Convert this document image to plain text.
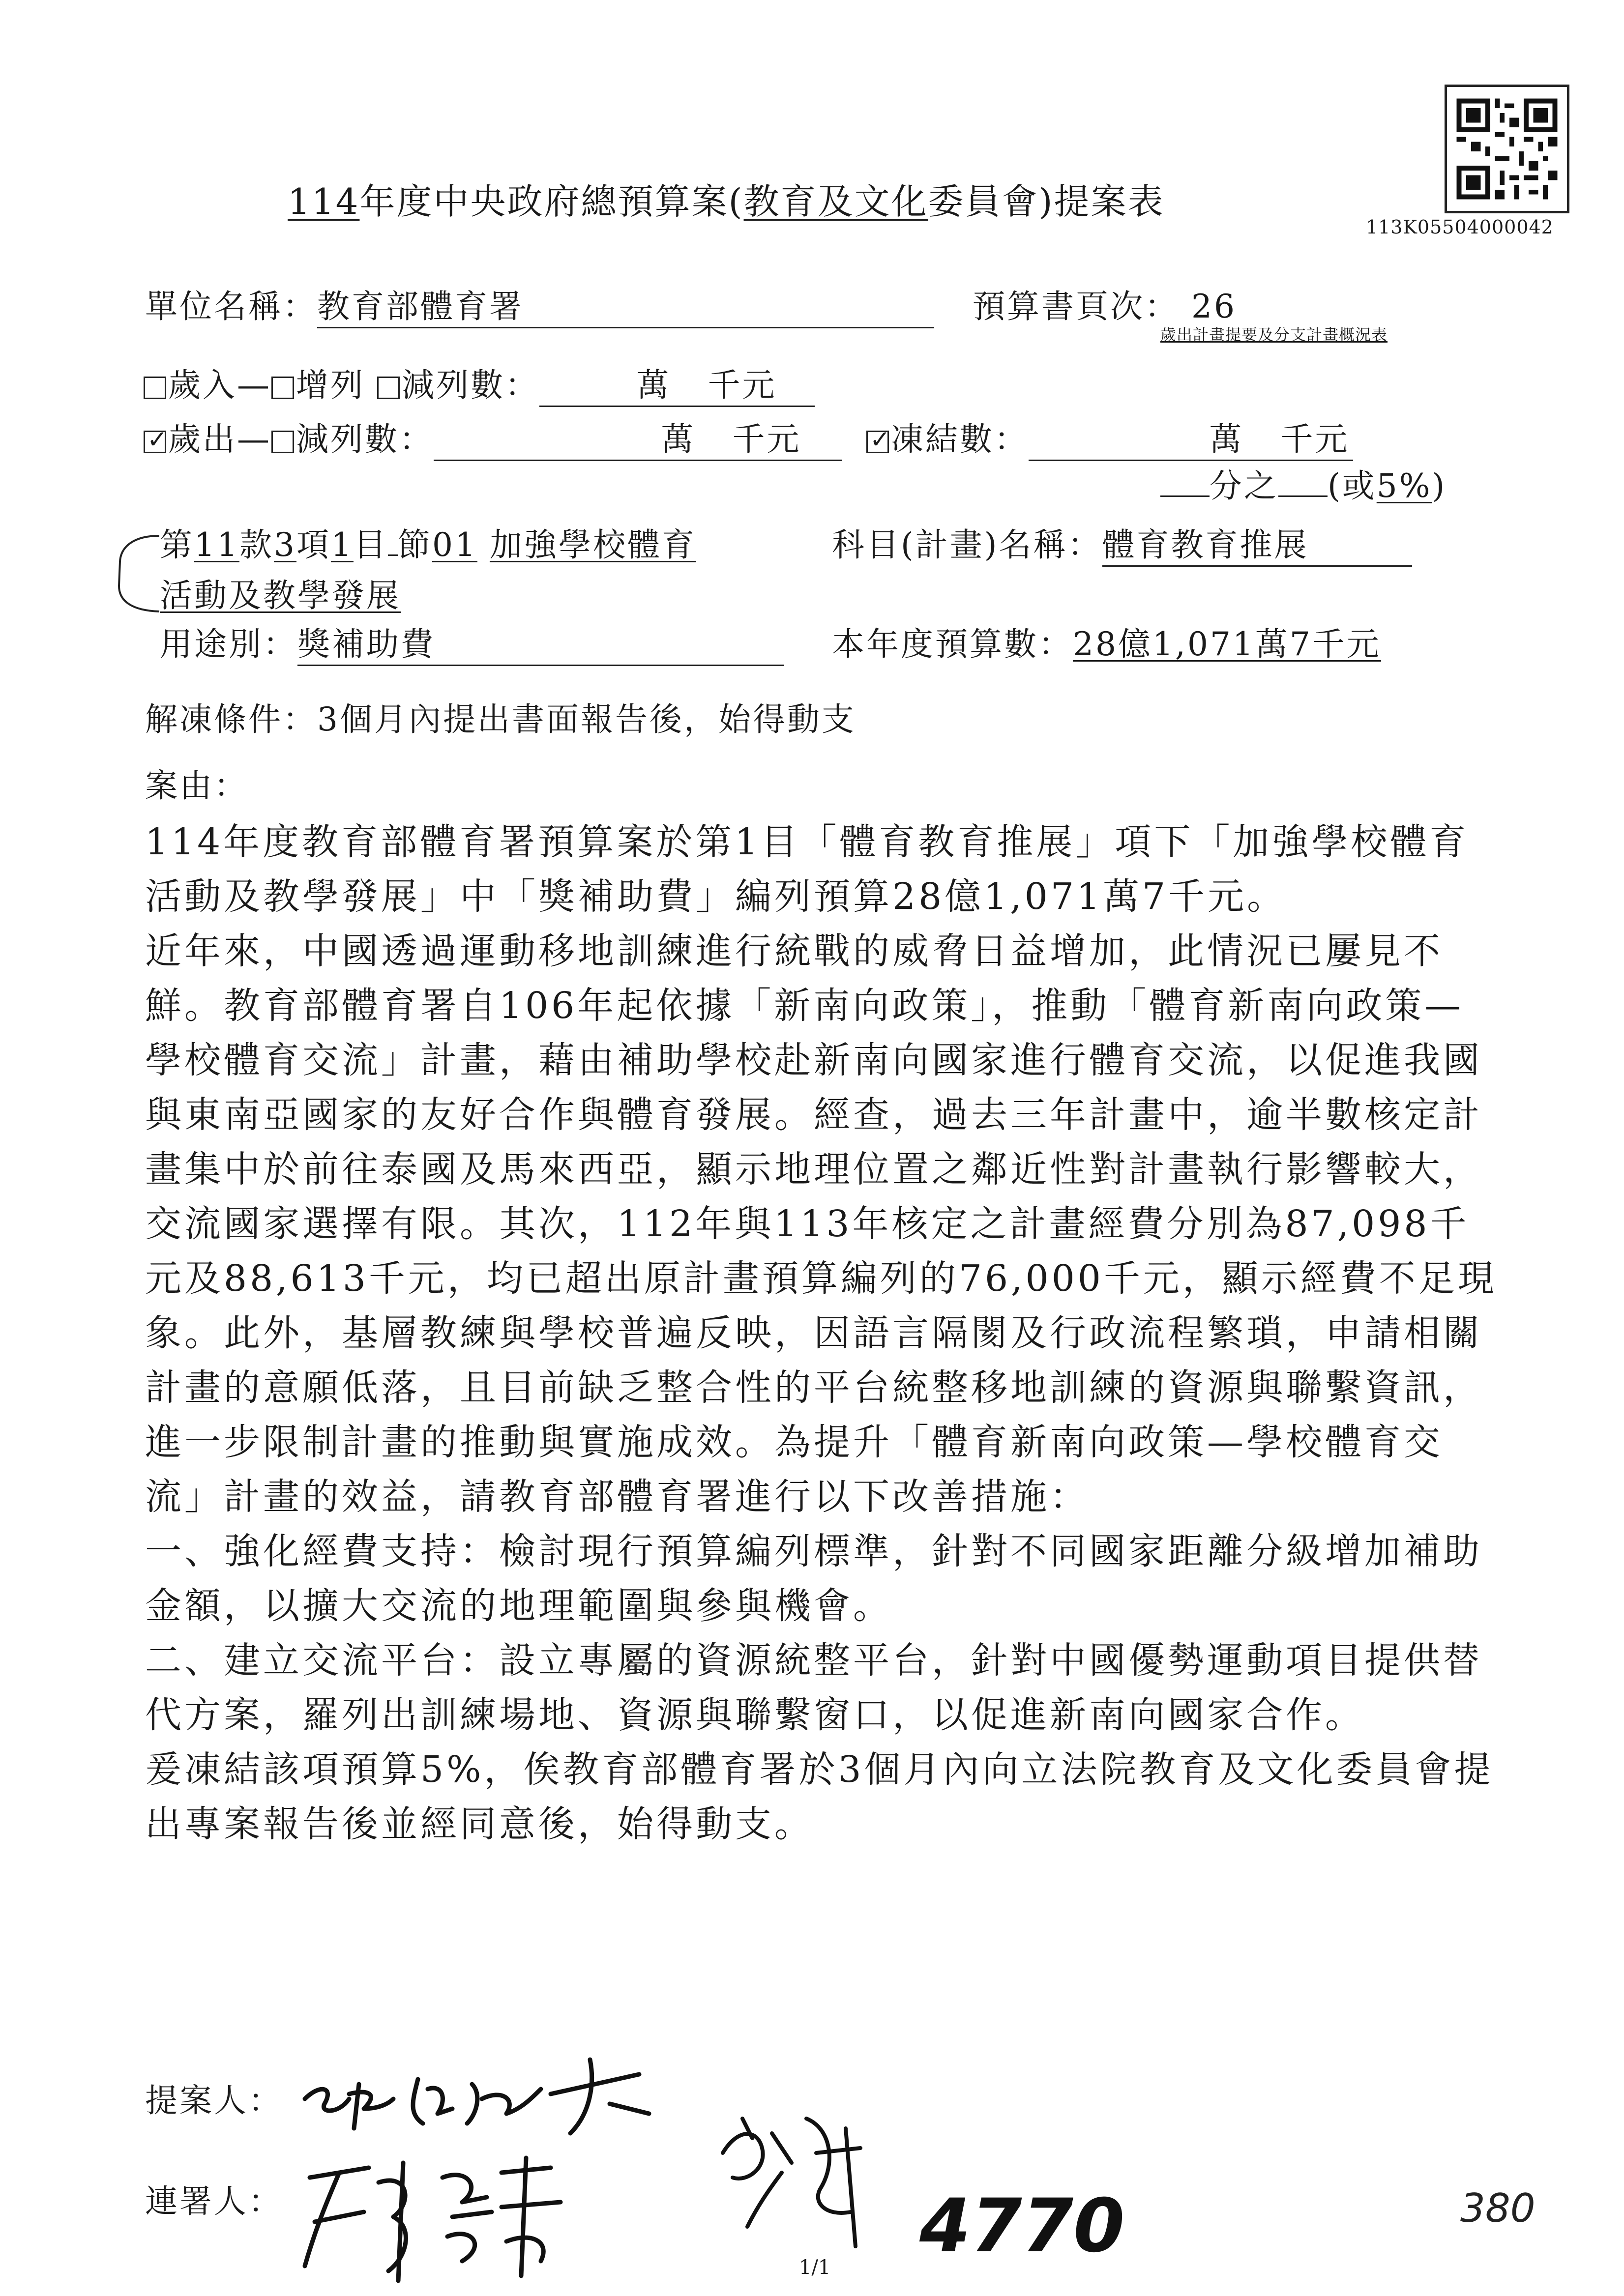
113K05504000042
114年度中央政府總預算案(教育及文化委員會)提案表
單位名稱：教育部體育署	預算書頁次： 26
歲出計畫提要及分支計畫概況表
歲入— 增列 減列數：	萬 千元
✓歲出— 減列數：	萬 千元  ✓	凍結數：	萬 千元
分之 (或5%)
第11款3項1目 節01 加強學校體育	科目(計畫)名稱：體育教育推展
活動及教學發展
用途別：獎補助費	本年度預算數：28億1,071萬7千元
解凍條件：3個月內提出書面報告後，始得動支
案由：

114年度教育部體育署預算案於第1目「體育教育推展」項下「加強學校體育活動及教學發展」中「獎補助費」編列預算28億1,071萬7千元。

近年來，中國透過運動移地訓練進行統戰的威脅日益增加，此情況已屢見不鮮。教育部體育署自106年起依據「新南向政策」，推動「體育新南向政策—學校體育交流」計畫，藉由補助學校赴新南向國家進行體育交流，以促進我國與東南亞國家的友好合作與體育發展。經查，過去三年計畫中，逾半數核定計畫集中於前往泰國及馬來西亞，顯示地理位置之鄰近性對計畫執行影響較大，交流國家選擇有限。其次，112年與113年核定之計畫經費分別為87,098千元及88,613千元，均已超出原計畫預算編列的76,000千元，顯示經費不足現象。此外，基層教練與學校普遍反映，因語言隔閡及行政流程繁瑣，申請相關計畫的意願低落，且目前缺乏整合性的平台統整移地訓練的資源與聯繫資訊，進一步限制計畫的推動與實施成效。為提升「體育新南向政策—學校體育交流」計畫的效益，請教育部體育署進行以下改善措施：

一、強化經費支持：檢討現行預算編列標準，針對不同國家距離分級增加補助金額，以擴大交流的地理範圍與參與機會。

二、建立交流平台：設立專屬的資源統整平台，針對中國優勢運動項目提供替代方案，羅列出訓練場地、資源與聯繫窗口，以促進新南向國家合作。

爰凍結該項預算5%，俟教育部體育署於3個月內向立法院教育及文化委員會提出專案報告後並經同意後，始得動支。

提案人：
連署人：	4770	380
1/1
